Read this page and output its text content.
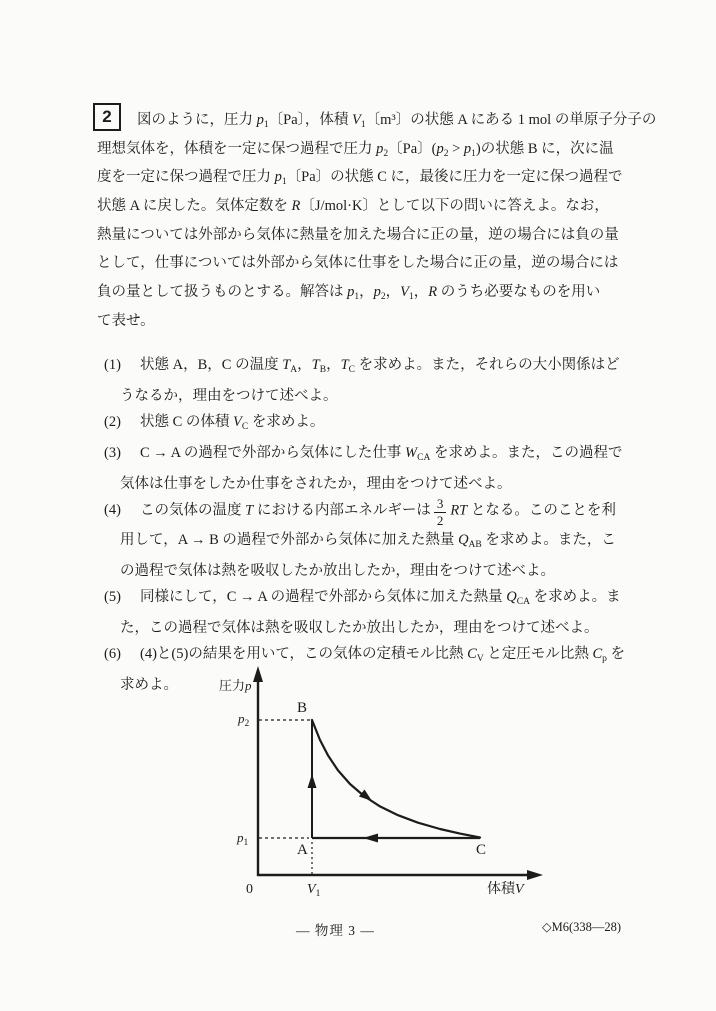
2	図のように，圧力 $p_1$〔Pa〕，体積 $V_1$〔m³〕の状態 A にある 1 mol の単原子分子の
理想気体を，体積を一定に保つ過程で圧力 $p_2$〔Pa〕$(p_2 > p_1)$の状態 B に，次に温
度を一定に保つ過程で圧力 $p_1$〔Pa〕の状態 C に，最後に圧力を一定に保つ過程で
状態 A に戻した。気体定数を R〔J/mol·K〕として以下の問いに答えよ。なお，
熱量については外部から気体に熱量を加えた場合に正の量，逆の場合には負の量
として，仕事については外部から気体に仕事をした場合に正の量，逆の場合には
負の量として扱うものとする。解答は $p_1$，$p_2$，$V_1$，R のうち必要なものを用い
て表せ。
(1) 状態 A，B，C の温度 $T_A$，$T_B$，$T_C$ を求めよ。また，それらの大小関係はど
うなるか，理由をつけて述べよ。
(2) 状態 C の体積 $V_C$ を求めよ。
(3) C → A の過程で外部から気体にした仕事 $W_{CA}$ を求めよ。また，この過程で
気体は仕事をしたか仕事をされたか，理由をつけて述べよ。
(4) この気体の温度 T における内部エネルギーは $\frac{3}{2}$ RT となる。このことを利
用して，A → B の過程で外部から気体に加えた熱量 $Q_{AB}$ を求めよ。また，こ
の過程で気体は熱を吸収したか放出したか，理由をつけて述べよ。
(5) 同様にして，C → A の過程で外部から気体に加えた熱量 $Q_{CA}$ を求めよ。ま
た，この過程で気体は熱を吸収したか放出したか，理由をつけて述べよ。
(6) (4)と(5)の結果を用いて，この気体の定積モル比熱 $C_V$ と定圧モル比熱 $C_p$ を
求めよ。	圧力p
$p_2$
$p_1$
B
A	C
0	$V_1$	体積V
— 物理 3 —	◇M6(338—28)
